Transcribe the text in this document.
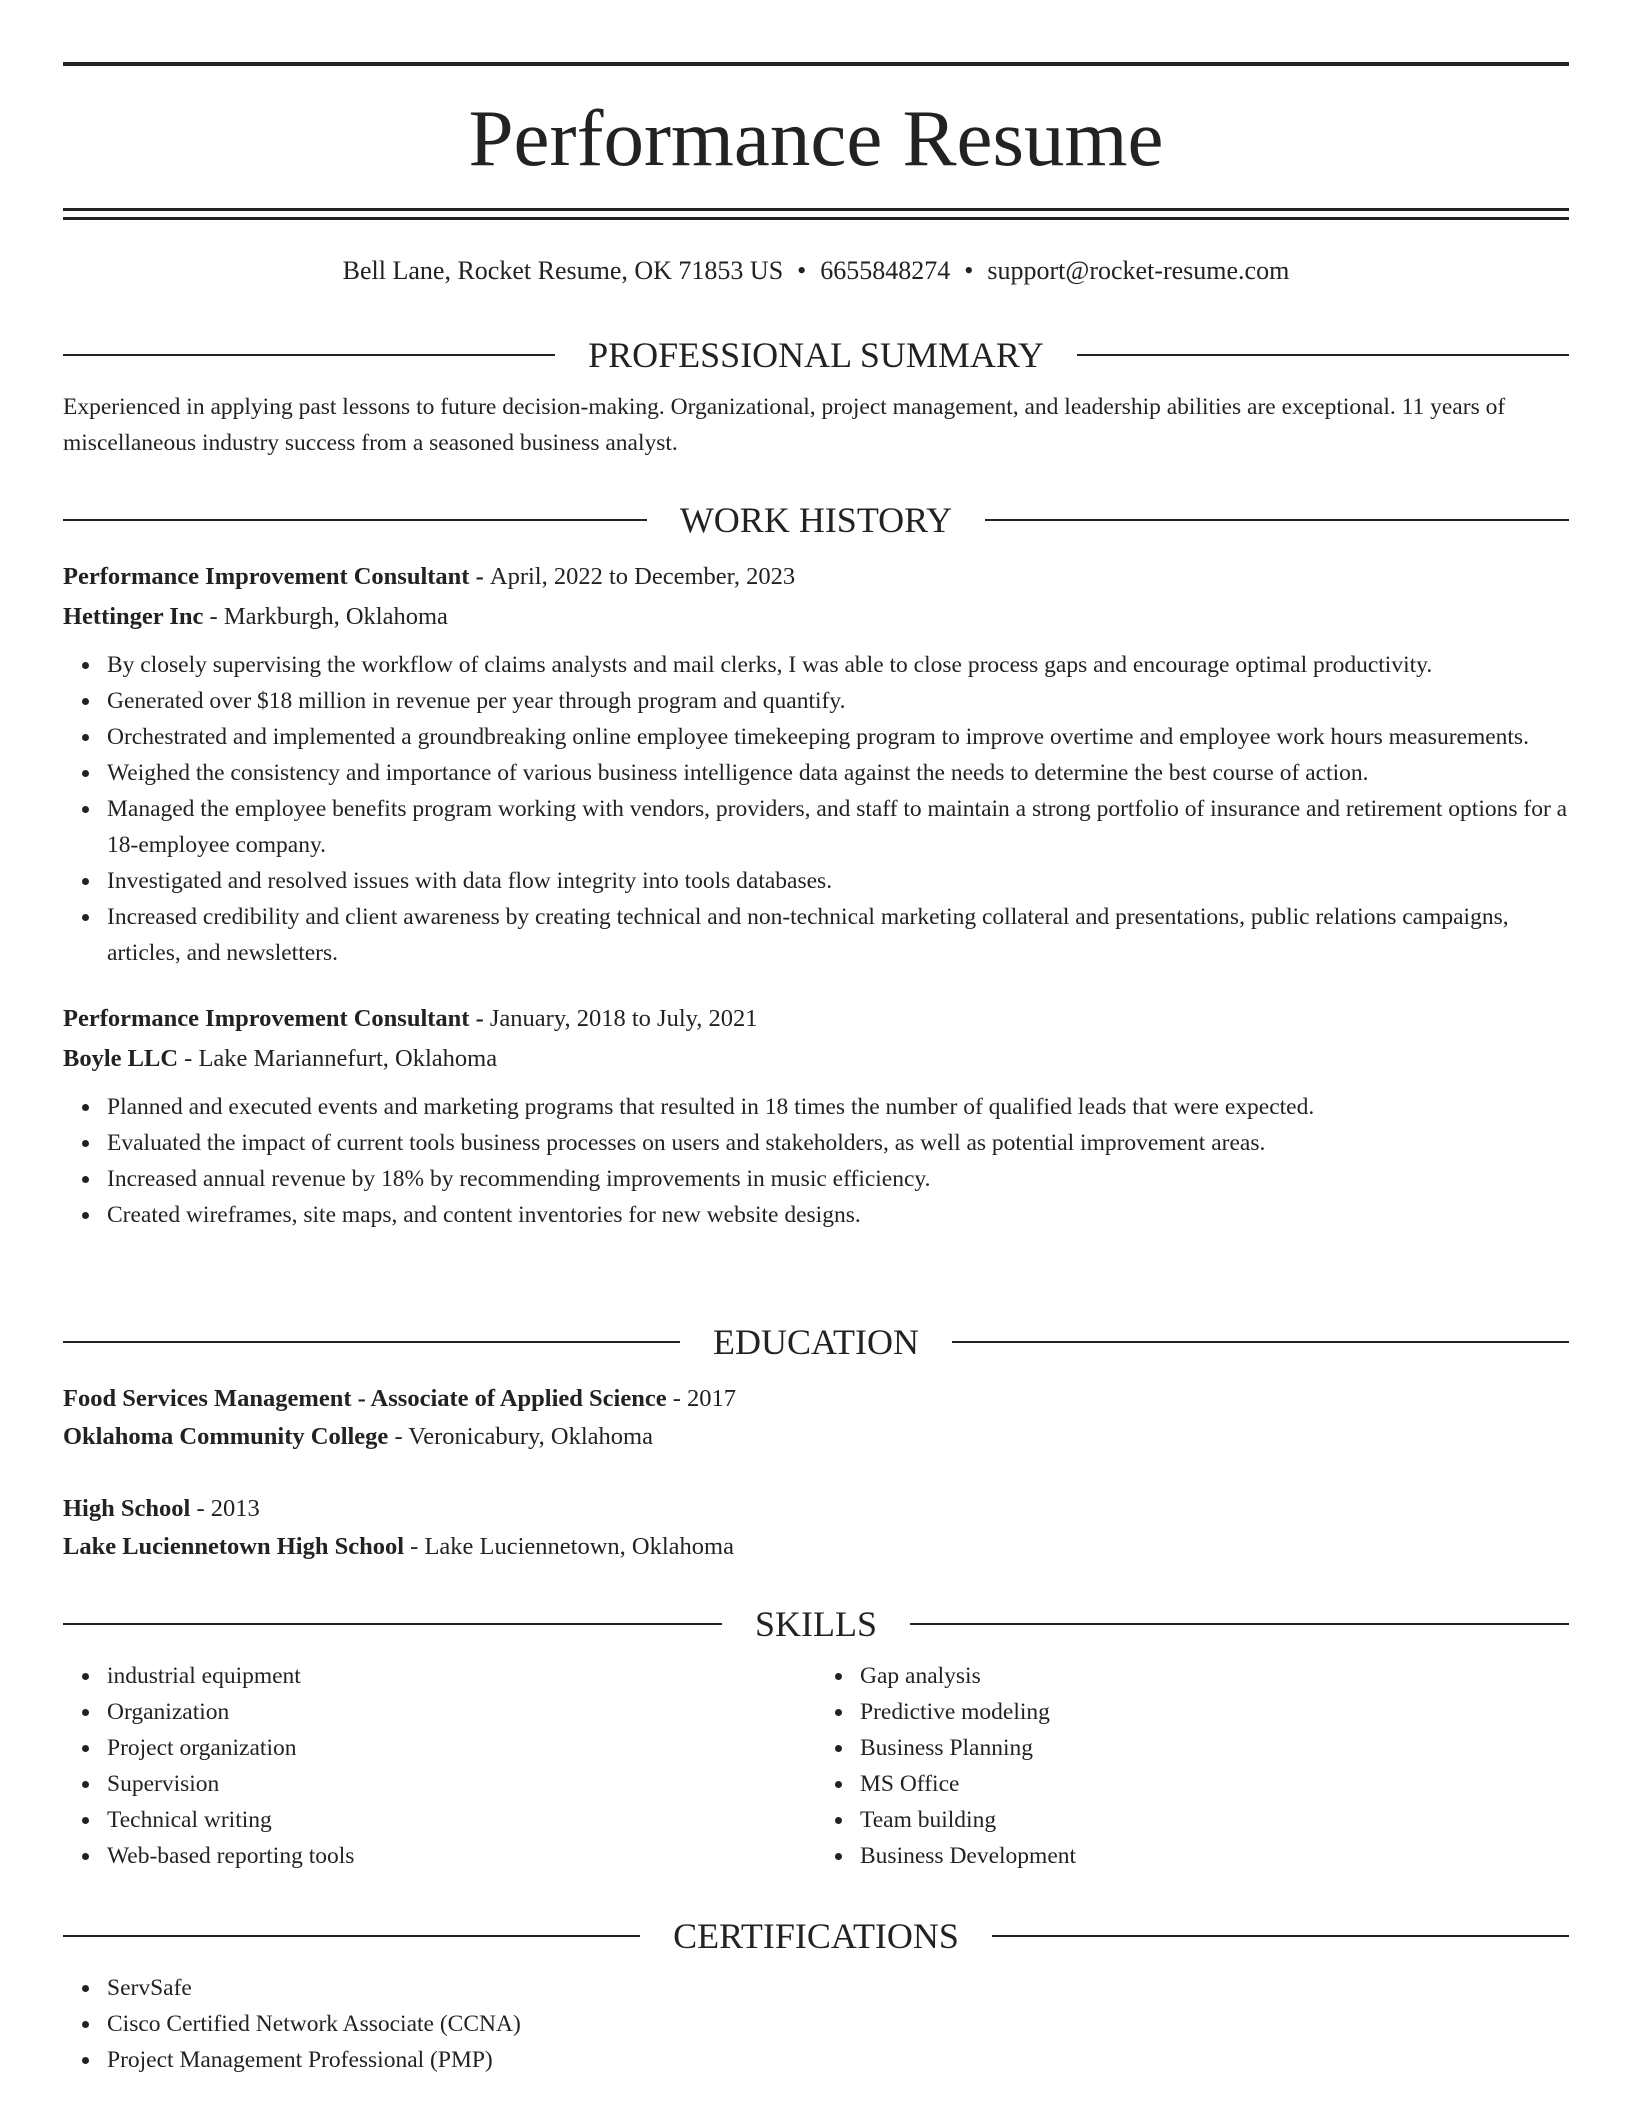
Performance Resume
Bell Lane, Rocket Resume, OK 71853 US • 6655848274 • support@rocket-resume.com
PROFESSIONAL SUMMARY

Experienced in applying past lessons to future decision-making. Organizational, project management, and leadership abilities are exceptional. 11 years of miscellaneous industry success from a seasoned business analyst.

WORK HISTORY
Performance Improvement Consultant - April, 2022 to December, 2023
Hettinger Inc - Markburgh, Oklahoma
By closely supervising the workflow of claims analysts and mail clerks, I was able to close process gaps and encourage optimal productivity.
Generated over $18 million in revenue per year through program and quantify.
Orchestrated and implemented a groundbreaking online employee timekeeping program to improve overtime and employee work hours measurements.
Weighed the consistency and importance of various business intelligence data against the needs to determine the best course of action.
Managed the employee benefits program working with vendors, providers, and staff to maintain a strong portfolio of insurance and retirement options for a 18-employee company.
Investigated and resolved issues with data flow integrity into tools databases.
Increased credibility and client awareness by creating technical and non-technical marketing collateral and presentations, public relations campaigns, articles, and newsletters.
Performance Improvement Consultant - January, 2018 to July, 2021
Boyle LLC - Lake Mariannefurt, Oklahoma
Planned and executed events and marketing programs that resulted in 18 times the number of qualified leads that were expected.
Evaluated the impact of current tools business processes on users and stakeholders, as well as potential improvement areas.
Increased annual revenue by 18% by recommending improvements in music efficiency.
Created wireframes, site maps, and content inventories for new website designs.
EDUCATION
Food Services Management - Associate of Applied Science - 2017
Oklahoma Community College - Veronicabury, Oklahoma
High School - 2013
Lake Luciennetown High School - Lake Luciennetown, Oklahoma
SKILLS
industrial equipment
Organization
Project organization
Supervision
Technical writing
Web-based reporting tools
Gap analysis
Predictive modeling
Business Planning
MS Office
Team building
Business Development
CERTIFICATIONS
ServSafe
Cisco Certified Network Associate (CCNA)
Project Management Professional (PMP)
